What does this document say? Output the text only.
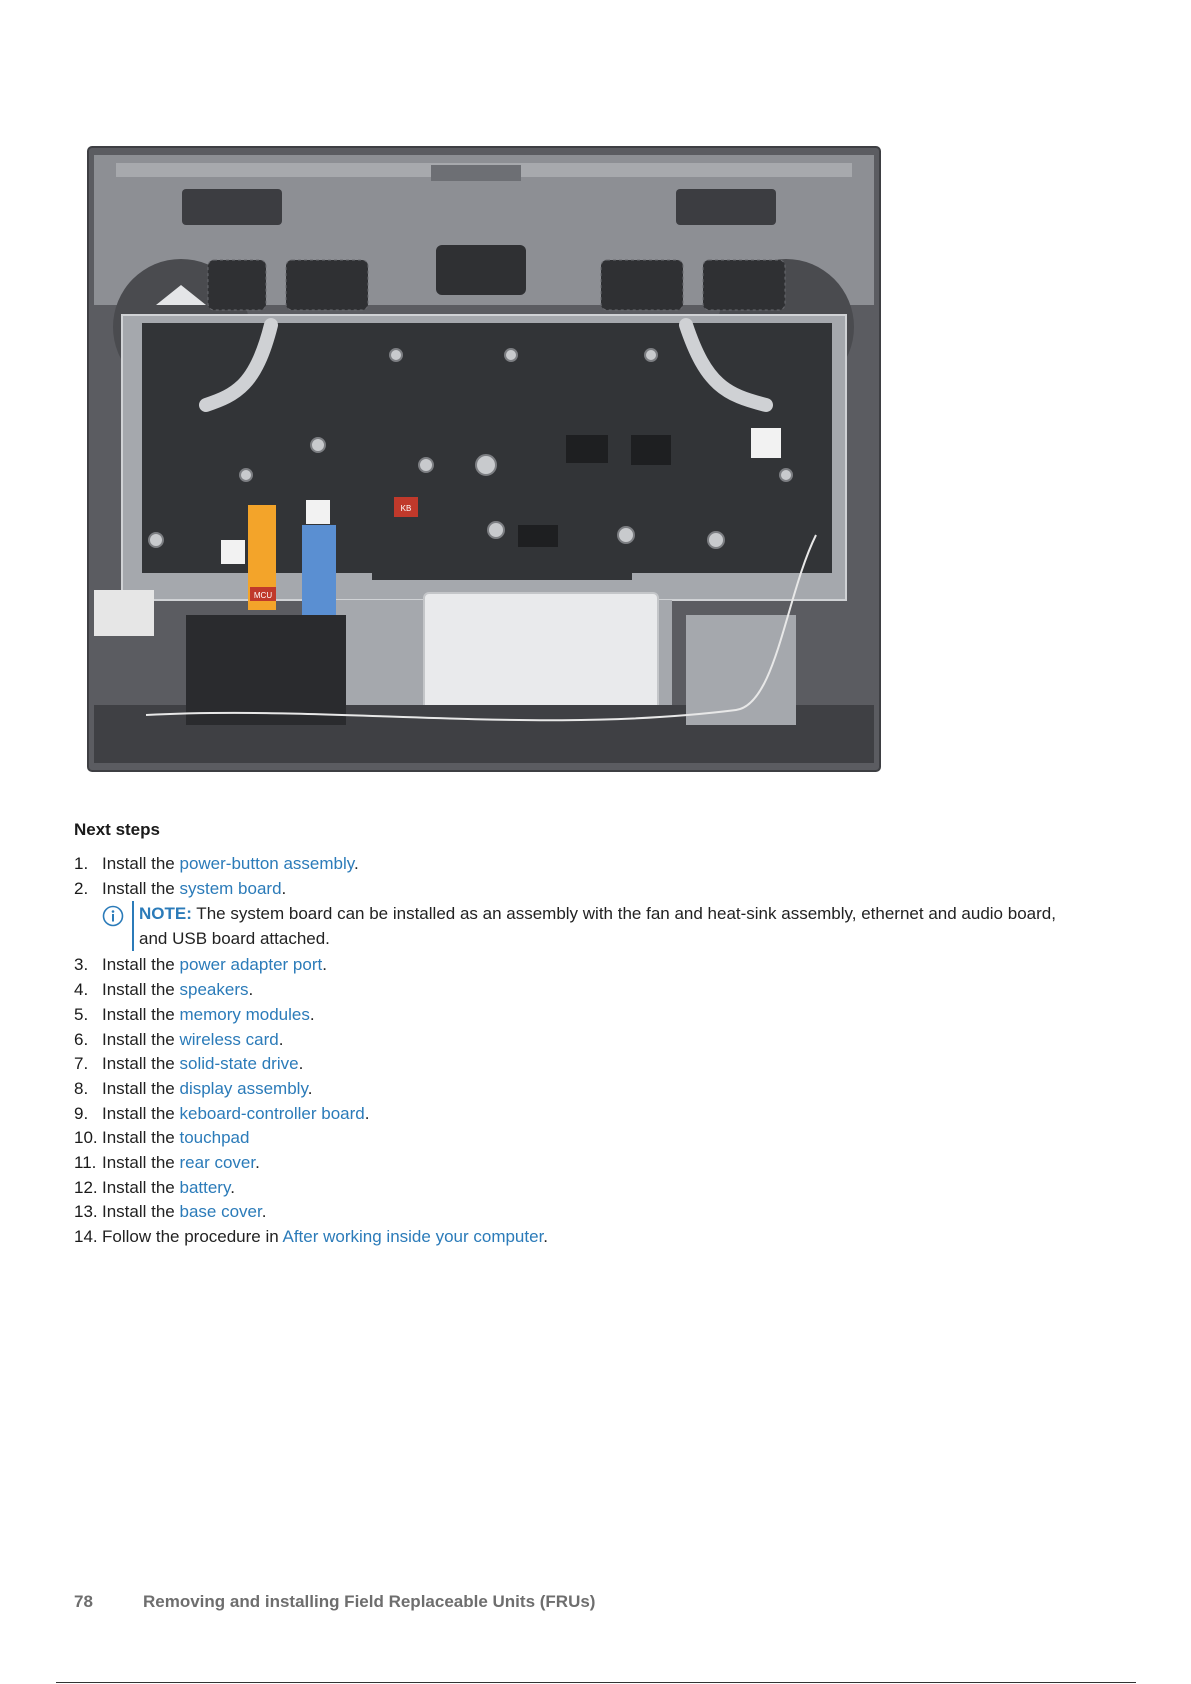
KB
MCU
Next steps
1. Install the power-button assembly.
2. Install the system board.
NOTE: The system board can be installed as an assembly with the fan and heat-sink assembly, ethernet and audio board, and USB board attached.
3. Install the power adapter port.
4. Install the speakers.
5. Install the memory modules.
6. Install the wireless card.
7. Install the solid-state drive.
8. Install the display assembly.
9. Install the keboard-controller board.
10. Install the touchpad
11. Install the rear cover.
12. Install the battery.
13. Install the base cover.
14. Follow the procedure in After working inside your computer.
78	Removing and installing Field Replaceable Units (FRUs)
